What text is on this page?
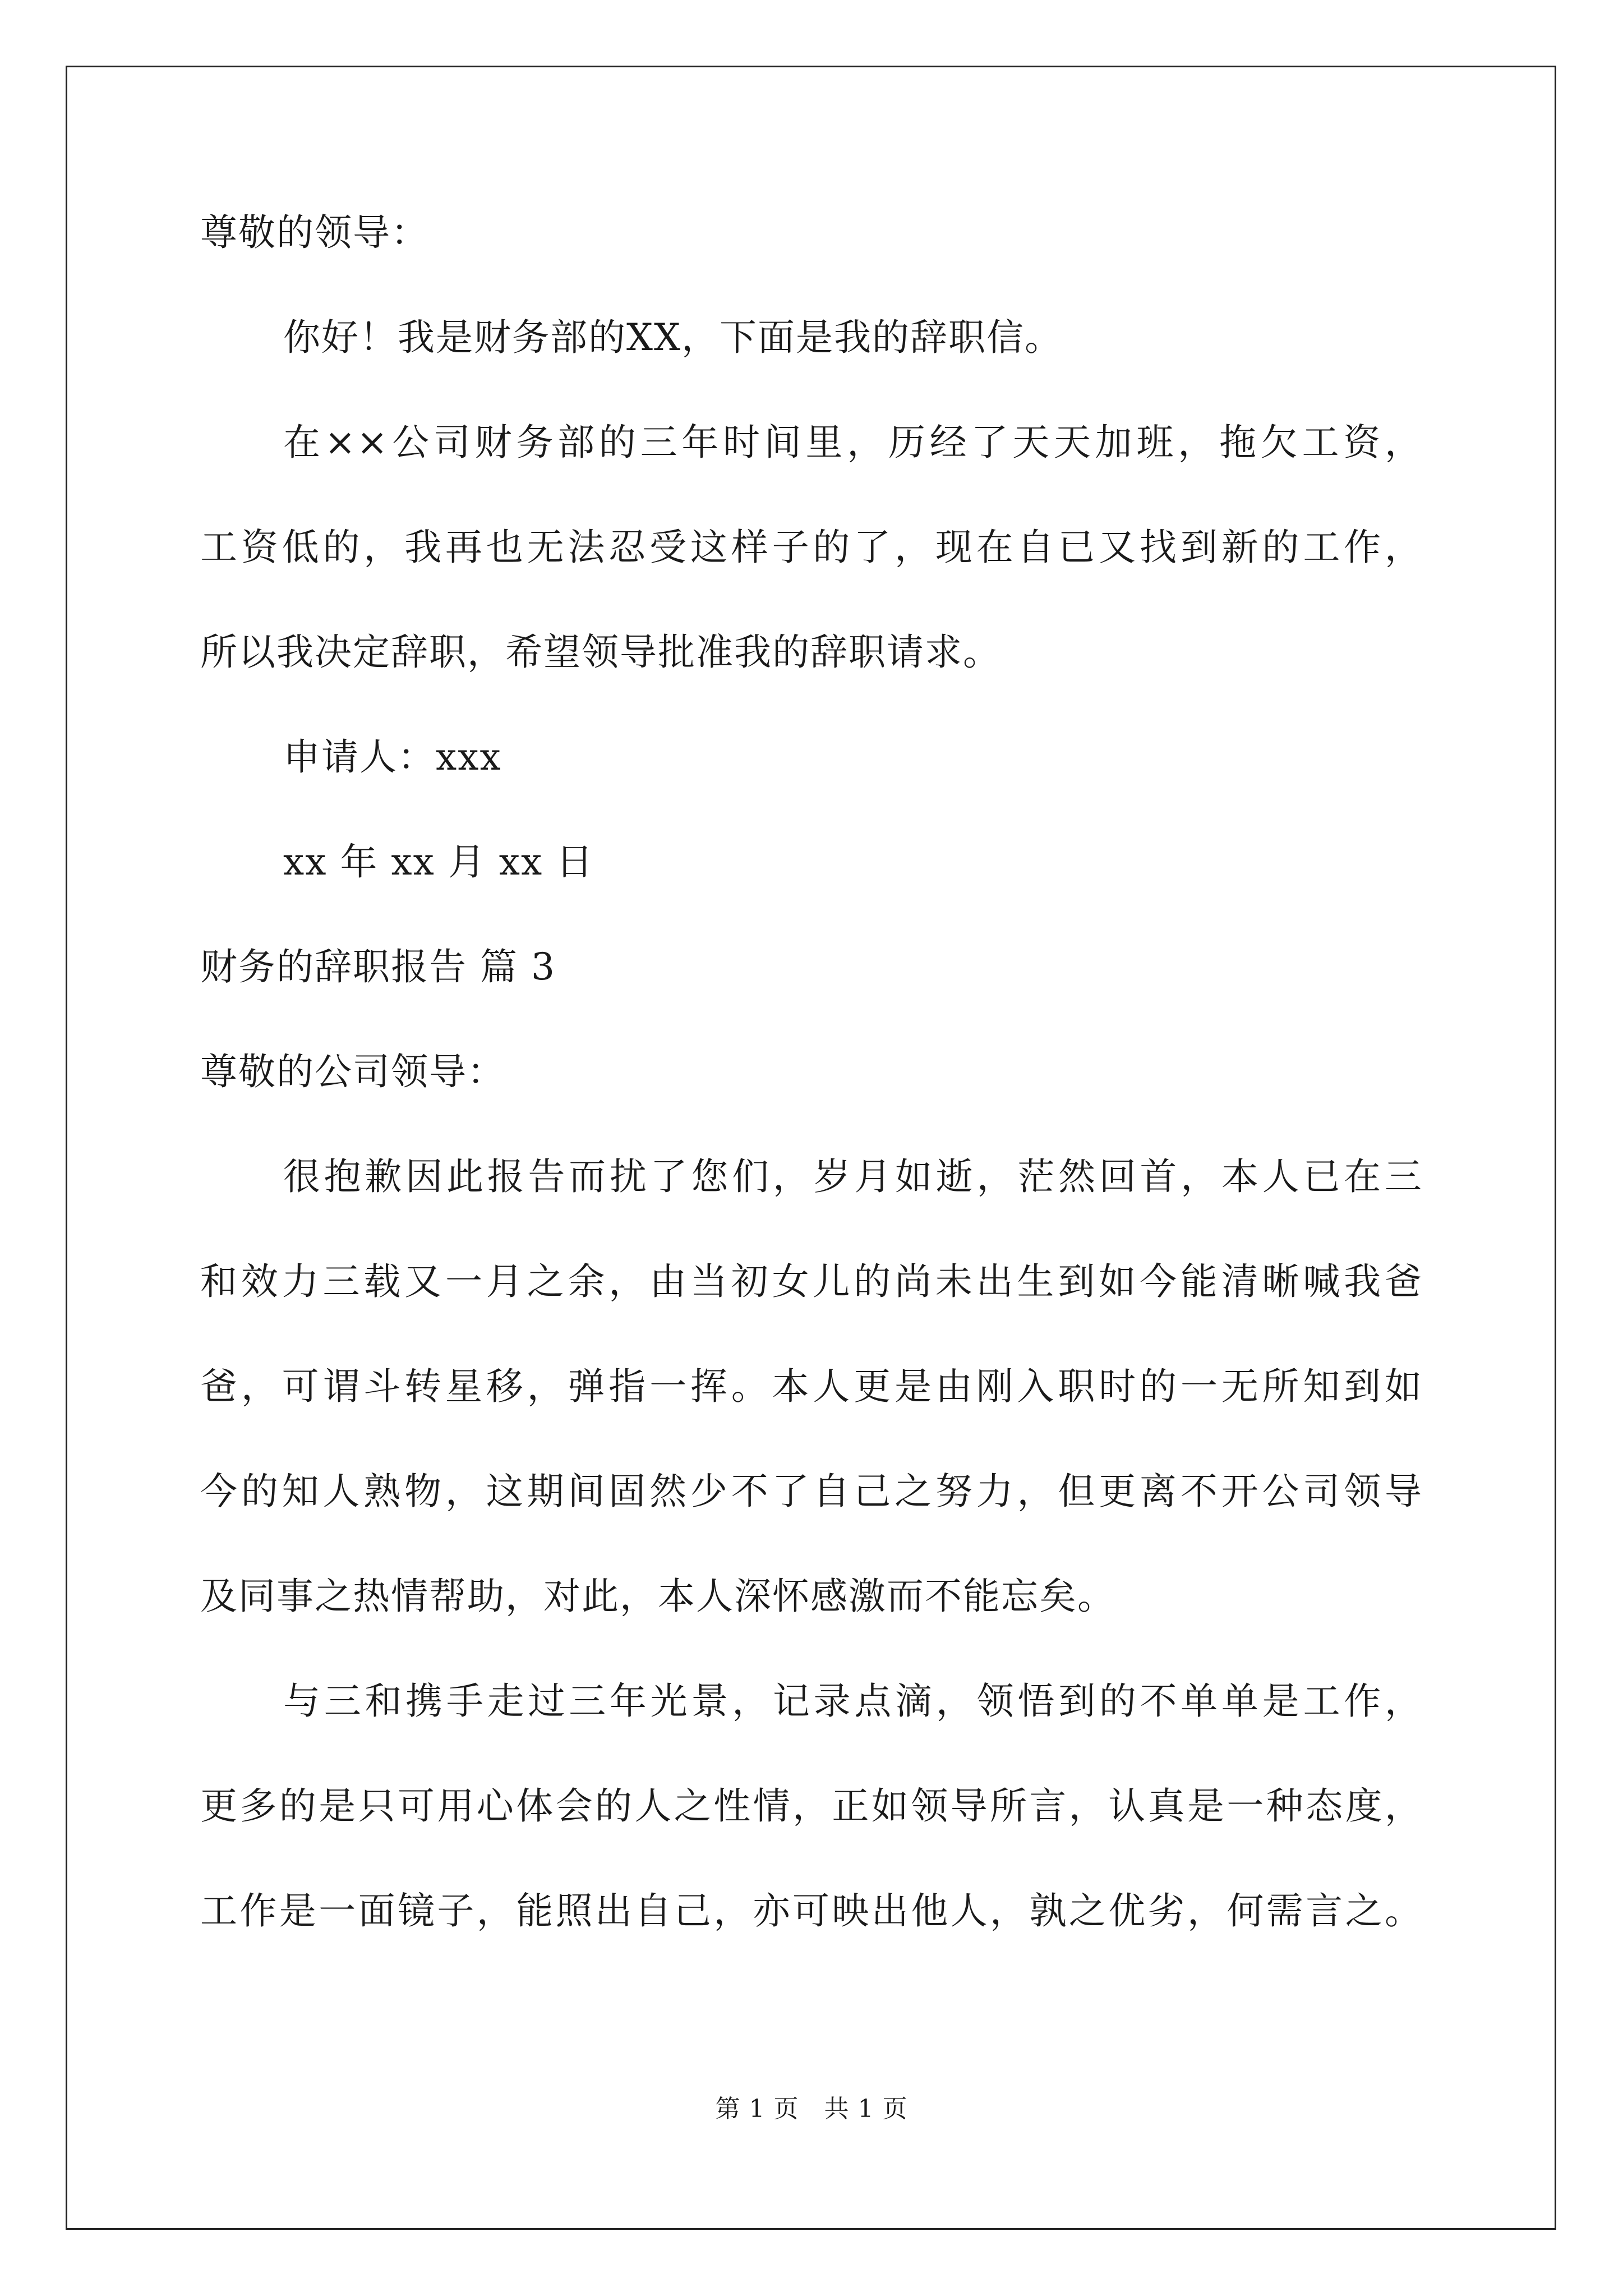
尊敬的领导：
你好！我是财务部的XX，下面是我的辞职信。
在××公司财务部的三年时间里，历经了天天加班，拖欠工资，
工资低的，我再也无法忍受这样子的了，现在自已又找到新的工作，
所以我决定辞职，希望领导批准我的辞职请求。
申请人：xxx
xx 年 xx 月 xx 日
财务的辞职报告 篇 3
尊敬的公司领导：
很抱歉因此报告而扰了您们，岁月如逝，茫然回首，本人已在三
和效力三载又一月之余，由当初女儿的尚未出生到如今能清晰喊我爸
爸，可谓斗转星移，弹指一挥。本人更是由刚入职时的一无所知到如
今的知人熟物，这期间固然少不了自己之努力，但更离不开公司领导
及同事之热情帮助，对此，本人深怀感激而不能忘矣。
与三和携手走过三年光景，记录点滴，领悟到的不单单是工作，
更多的是只可用心体会的人之性情，正如领导所言，认真是一种态度，
工作是一面镜子，能照出自己，亦可映出他人，孰之优劣，何需言之。
第 1 页　共 1 页
